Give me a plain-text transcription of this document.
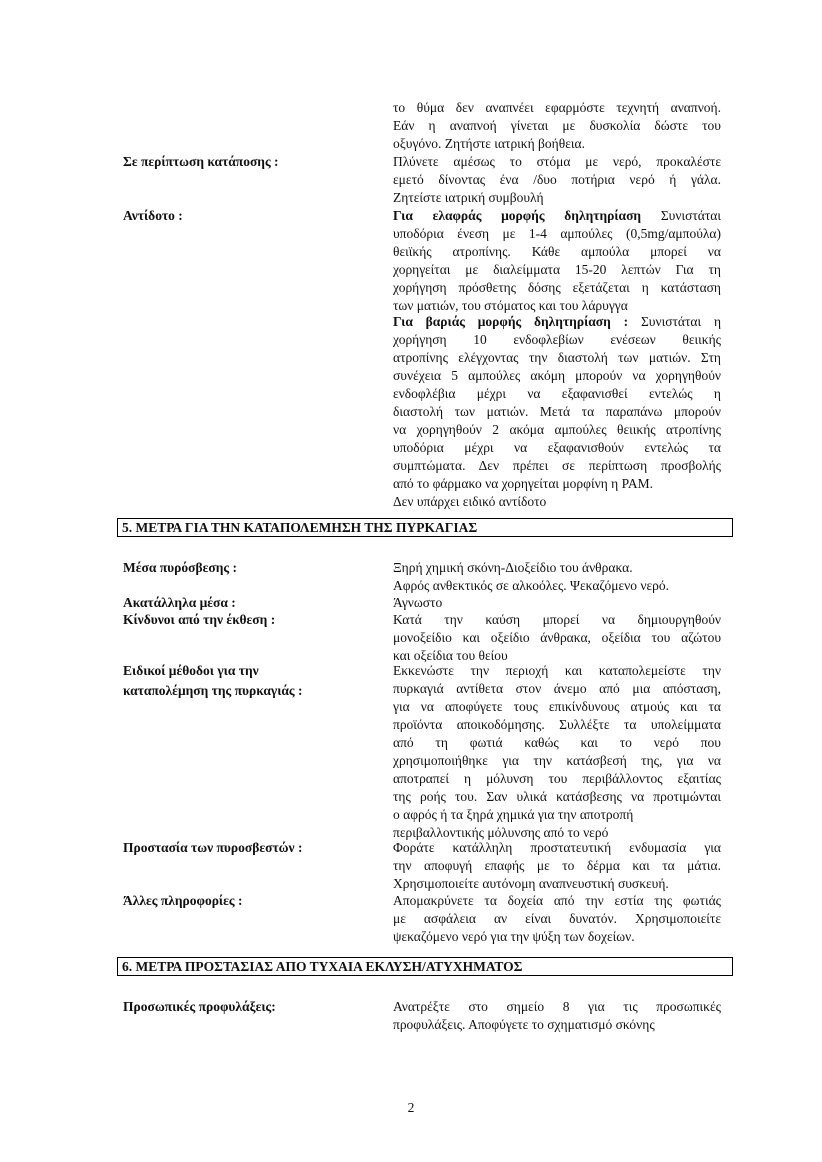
το θύμα δεν αναπνέει εφαρμόστε τεχνητή αναπνοή.
Εάν η αναπνοή γίνεται με δυσκολία δώστε του
οξυγόνο. Ζητήστε ιατρική βοήθεια.
Σε περίπτωση κατάποσης :	Πλύνετε αμέσως το στόμα με νερό, προκαλέστε
εμετό δίνοντας ένα /δυο ποτήρια νερό ή γάλα.
Ζητείστε ιατρική συμβουλή
Αντίδοτο :	Για ελαφράς μορφής δηλητηρίαση Συνιστάται
υποδόρια ένεση με 1-4 αμπούλες (0,5mg/αμπούλα)
θειϊκής ατροπίνης. Κάθε αμπούλα μπορεί να
χορηγείται με διαλείμματα 15-20 λεπτών Για τη
χορήγηση πρόσθετης δόσης εξετάζεται η κατάσταση
των ματιών, του στόματος και του λάρυγγα
Για βαριάς μορφής δηλητηρίαση : Συνιστάται η
χορήγηση 10 ενδοφλεβίων ενέσεων θειικής
ατροπίνης ελέγχοντας την διαστολή των ματιών. Στη
συνέχεια 5 αμπούλες ακόμη μπορούν να χορηγηθούν
ενδοφλέβια μέχρι να εξαφανισθεί εντελώς η
διαστολή των ματιών. Μετά τα παραπάνω μπορούν
να χορηγηθούν 2 ακόμα αμπούλες θειικής ατροπίνης
υποδόρια μέχρι να εξαφανισθούν εντελώς τα
συμπτώματα. Δεν πρέπει σε περίπτωση προσβολής
από το φάρμακο να χορηγείται μορφίνη η PAM.
Δεν υπάρχει ειδικό αντίδοτο
5. ΜΕΤΡΑ ΓΙΑ ΤΗΝ ΚΑΤΑΠΟΛΕΜΗΣΗ ΤΗΣ ΠΥΡΚΑΓΙΑΣ
Μέσα πυρόσβεσης :	Ξηρή χημική σκόνη-Διοξείδιο του άνθρακα.
Αφρός ανθεκτικός σε αλκοόλες. Ψεκαζόμενο νερό.
Ακατάλληλα μέσα :	Άγνωστο
Κίνδυνοι από την έκθεση :	Κατά την καύση μπορεί να δημιουργηθούν
μονοξείδιο και οξείδιο άνθρακα, οξείδια του αζώτου
και οξείδια του θείου
Ειδικοί μέθοδοι για την
καταπολέμηση της πυρκαγιάς :
Εκκενώστε την περιοχή και καταπολεμείστε την
πυρκαγιά αντίθετα στον άνεμο από μια απόσταση,
για να αποφύγετε τους επικίνδυνους ατμούς και τα
προϊόντα αποικοδόμησης. Συλλέξτε τα υπολείμματα
από τη φωτιά καθώς και το νερό που
χρησιμοποιήθηκε για την κατάσβεσή της, για να
αποτραπεί η μόλυνση του περιβάλλοντος εξαιτίας
της ροής του. Σαν υλικά κατάσβεσης να προτιμώνται
ο αφρός ή τα ξηρά χημικά για την αποτροπή
περιβαλλοντικής μόλυνσης από το νερό
Προστασία των πυροσβεστών :	Φοράτε κατάλληλη προστατευτική ενδυμασία για
την αποφυγή επαφής με το δέρμα και τα μάτια.
Χρησιμοποιείτε αυτόνομη αναπνευστική συσκευή.
Άλλες πληροφορίες :	Απομακρύνετε τα δοχεία από την εστία της φωτιάς
με ασφάλεια αν είναι δυνατόν. Χρησιμοποιείτε
ψεκαζόμενο νερό για την ψύξη των δοχείων.
6. ΜΕΤΡΑ ΠΡΟΣΤΑΣΙΑΣ ΑΠΟ ΤΥΧΑΙΑ ΕΚΛΥΣΗ/ΑΤΥΧΗΜΑΤΟΣ
Προσωπικές προφυλάξεις:	Ανατρέξτε στο σημείο 8 για τις προσωπικές
προφυλάξεις. Αποφύγετε το σχηματισμό σκόνης
2
